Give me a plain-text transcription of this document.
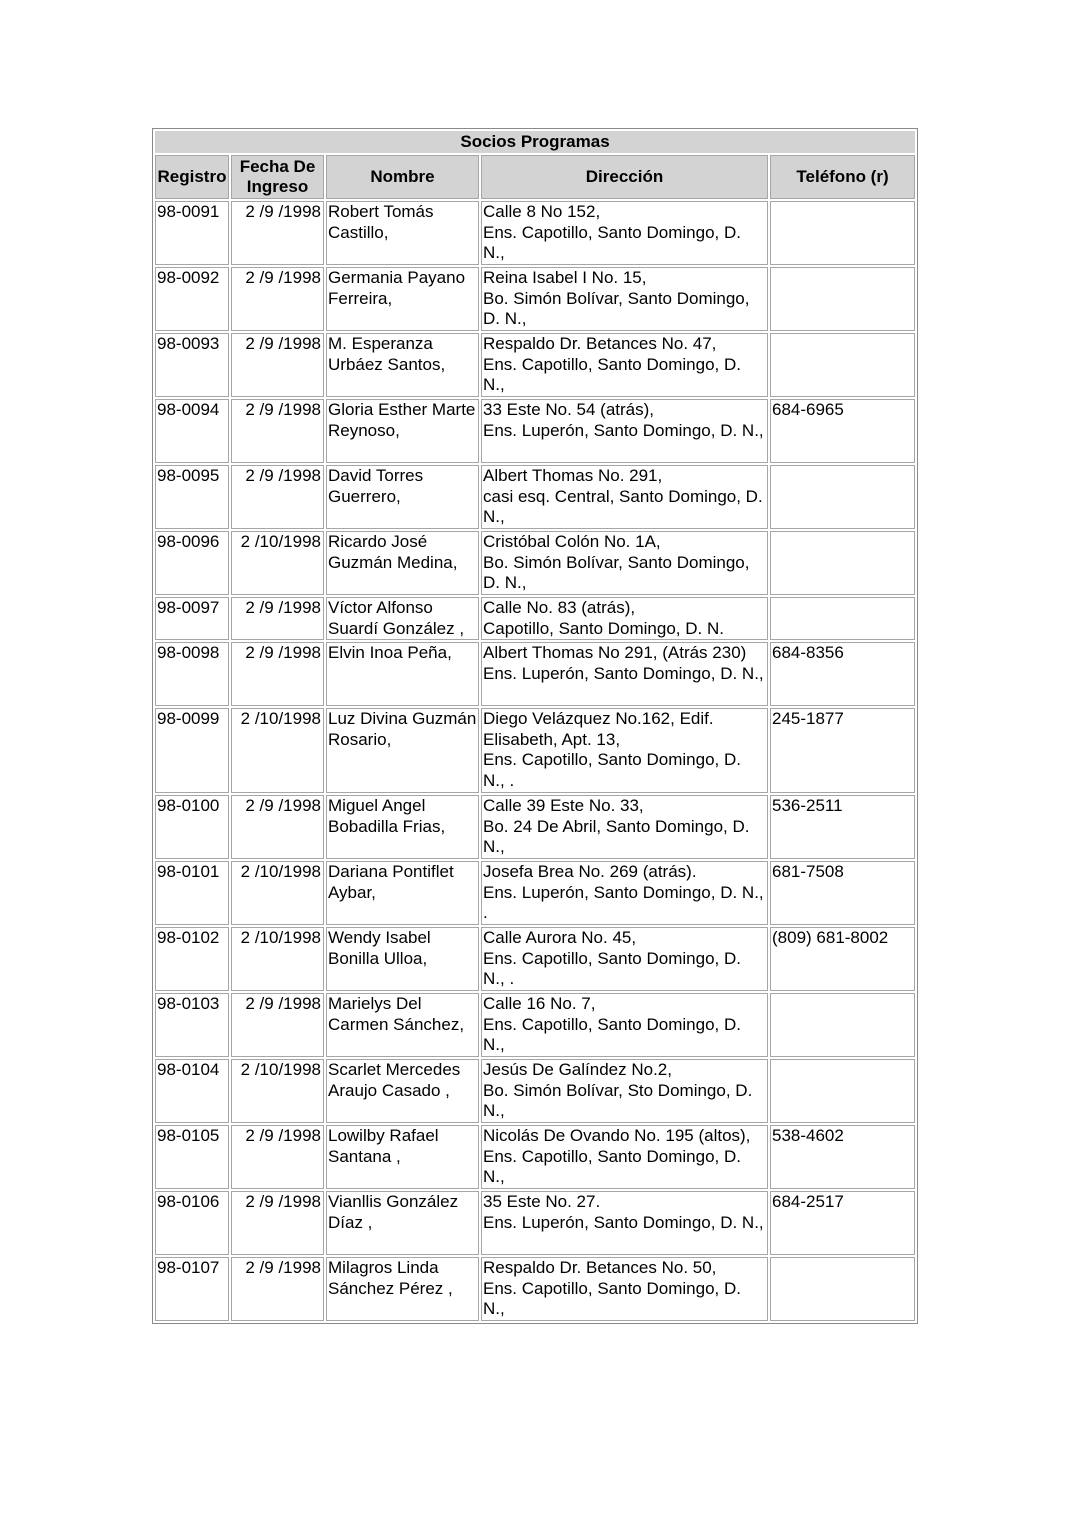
Socios Programas				
Registro	Fecha De Ingreso	Nombre	Dirección	Teléfono (r)
98-0091	2 /9 /1998	Robert Tomás Castillo,	Calle 8 No 152,
Ens. Capotillo, Santo Domingo, D. N.,	

98-0092	2 /9 /1998	Germania Payano Ferreira,	Reina Isabel I No. 15,
Bo. Simón Bolívar, Santo Domingo, D. N.,	

98-0093	2 /9 /1998	M. Esperanza Urbáez Santos,	Respaldo Dr. Betances No. 47,
Ens. Capotillo, Santo Domingo, D. N.,	

98-0094	2 /9 /1998	Gloria Esther Marte Reynoso,	33 Este No. 54 (atrás),
Ens. Luperón, Santo Domingo, D. N.,	684-6965
98-0095	2 /9 /1998	David Torres Guerrero,	Albert Thomas No. 291,
casi esq. Central, Santo Domingo, D. N.,	

98-0096	2 /10/1998	Ricardo José Guzmán Medina,	Cristóbal Colón No. 1A,
Bo. Simón Bolívar, Santo Domingo, D. N.,	

98-0097	2 /9 /1998	Víctor Alfonso Suardí González ,	Calle No. 83 (atrás),
Capotillo, Santo Domingo, D. N.	

98-0098	2 /9 /1998	Elvin Inoa Peña,	Albert Thomas No 291, (Atrás 230)
Ens. Luperón, Santo Domingo, D. N.,	684-8356
98-0099	2 /10/1998	Luz Divina Guzmán Rosario,	Diego Velázquez No.162, Edif. Elisabeth, Apt. 13,
Ens. Capotillo, Santo Domingo, D. N., .	245-1877
98-0100	2 /9 /1998	Miguel Angel Bobadilla Frias,	Calle 39 Este No. 33,
Bo. 24 De Abril, Santo Domingo, D. N.,	536-2511
98-0101	2 /10/1998	Dariana Pontiflet Aybar,	Josefa Brea No. 269 (atrás).
Ens. Luperón, Santo Domingo, D. N., .	681-7508
98-0102	2 /10/1998	Wendy Isabel Bonilla Ulloa,	Calle Aurora No. 45,
Ens. Capotillo, Santo Domingo, D. N., .	(809) 681-8002
98-0103	2 /9 /1998	Marielys Del Carmen Sánchez,	Calle 16 No. 7,
Ens. Capotillo, Santo Domingo, D. N.,	

98-0104	2 /10/1998	Scarlet Mercedes Araujo Casado ,	Jesús De Galíndez No.2,
Bo. Simón Bolívar, Sto Domingo, D. N.,	

98-0105	2 /9 /1998	Lowilby Rafael Santana ,	Nicolás De Ovando No. 195 (altos),
Ens. Capotillo, Santo Domingo, D. N.,	538-4602
98-0106	2 /9 /1998	Vianllis González Díaz ,	35 Este No. 27.
Ens. Luperón, Santo Domingo, D. N.,	684-2517
98-0107	2 /9 /1998	Milagros Linda Sánchez Pérez ,	Respaldo Dr. Betances No. 50,
Ens. Capotillo, Santo Domingo, D. N.,	
